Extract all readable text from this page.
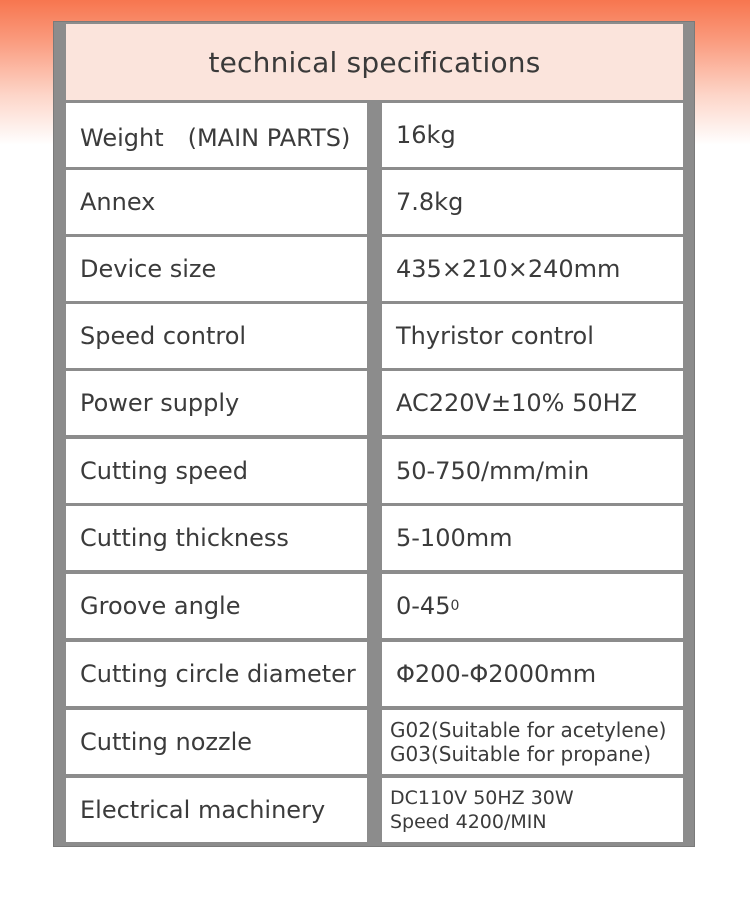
technical specifications
Weight　(MAIN PARTS)	16kg
Annex	7.8kg
Device size	435×210×240mm
Speed control	Thyristor control
Power supply	AC220V±10% 50HZ
Cutting speed	50-750/mm/min
Cutting thickness	5-100mm
Groove angle	0-45 0
Cutting circle diameter	Φ200-Φ2000mm
Cutting nozzle	G02(Suitable for acetylene)
G03(Suitable for propane)
Electrical machinery	DC110V 50HZ 30W
Speed 4200/MIN
